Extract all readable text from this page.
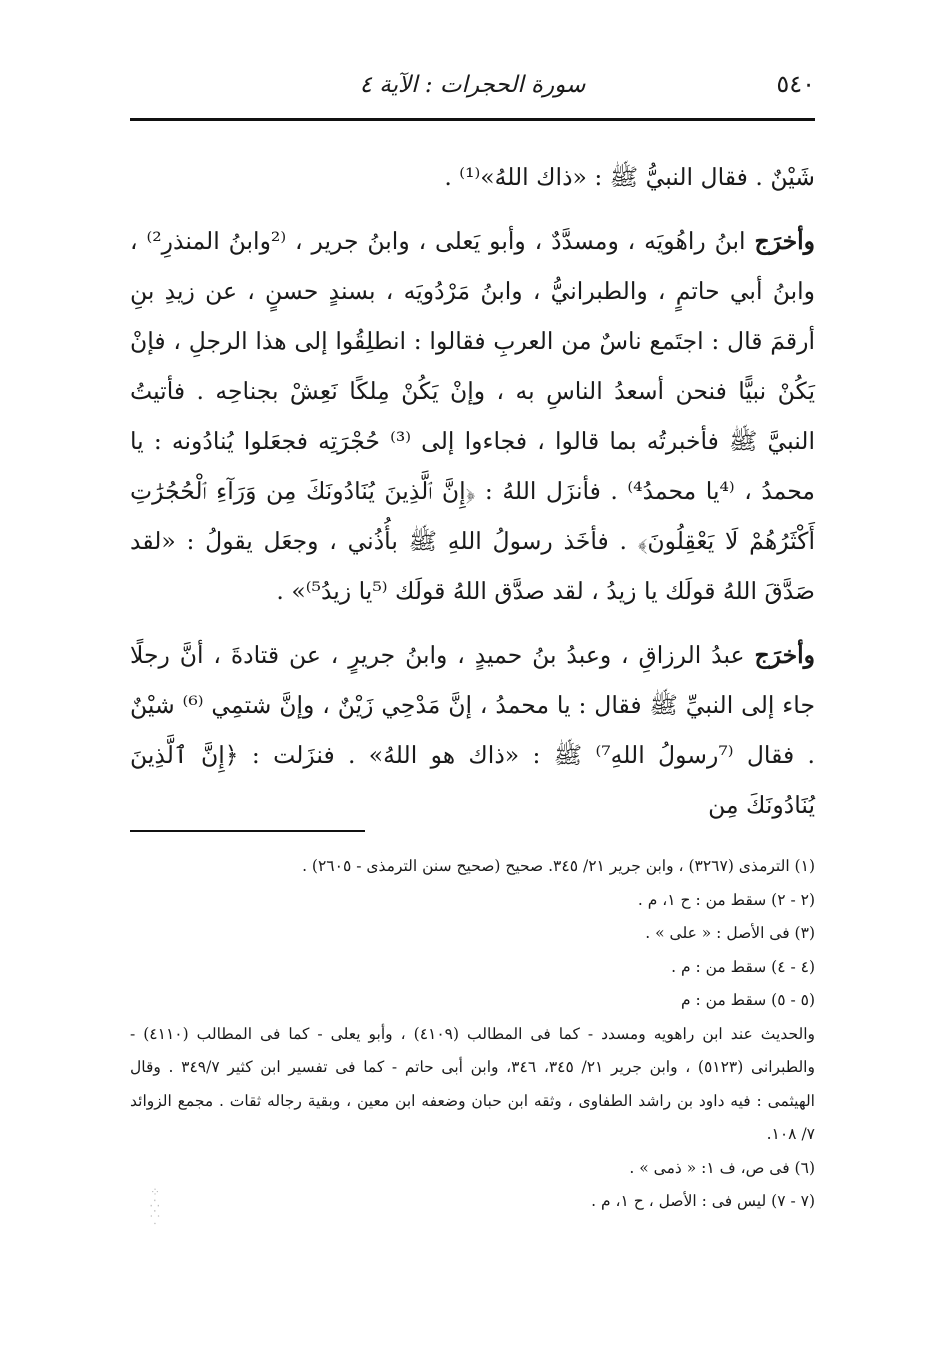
٥٤٠
سورة الحجرات : الآية ٤

شَيْنٌ . فقال النبيُّ ﷺ : «ذاك اللهُ»⁽¹⁾ .

وأخرَج ابنُ راهُويَه ، ومسدَّدٌ ، وأبو يَعلى ، وابنُ جرير ، ⁽²وابنُ المنذرِ²⁾ ، وابنُ أبي حاتمٍ ، والطبرانيُّ ، وابنُ مَرْدُويَه ، بسندٍ حسنٍ ، عن زيدِ بنِ أرقمَ قال : اجتَمع ناسٌ من العربِ فقالوا : انطلِقُوا إلى هذا الرجلِ ، فإنْ يَكُنْ نبيًّا فنحن أسعدُ الناسِ به ، وإنْ يَكُنْ مِلكًا نَعِشْ بجناحِه . فأتيتُ النبيَّ ﷺ فأخبرتُه بما قالوا ، فجاءوا إلى ⁽³⁾ حُجْرَتِه فجعَلوا يُنادُونه : يا محمدُ ، ⁽⁴يا محمدُ⁴⁾ . فأنزَل اللهُ : ﴿إِنَّ ٱلَّذِينَ يُنَادُونَكَ مِن وَرَآءِ ٱلْحُجُرَٰتِ أَكْثَرُهُمْ لَا يَعْقِلُونَ﴾ . فأخَذ رسولُ اللهِ ﷺ بأُذُني ، وجعَل يقولُ : «لقد صَدَّقَ اللهُ قولَك يا زيدُ ، لقد صدَّق اللهُ قولَك ⁽⁵يا زيدُ⁵⁾» .

وأخرَج عبدُ الرزاقِ ، وعبدُ بنُ حميدٍ ، وابنُ جريرٍ ، عن قتادةَ ، أنَّ رجلًا جاء إلى النبيِّ ﷺ فقال : يا محمدُ ، إنَّ مَدْحِي زَيْنٌ ، وإنَّ شتمِي ⁽⁶⁾ شيْنٌ . فقال ⁽⁷رسولُ اللهِ⁷⁾ ﷺ : «ذاك هو اللهُ» . فنزَلت : ﴿إِنَّ ٱلَّذِينَ يُنَادُونَكَ مِن

(١) الترمذى (٣٢٦٧) ، وابن جرير ٢١/ ٣٤٥. صحيح (صحيح سنن الترمذى - ٢٦٠٥) .

(٢ - ٢) سقط من : ح ١، م .

(٣) فى الأصل : « على » .

(٤ - ٤) سقط من : م .

(٥ - ٥) سقط من : م

والحديث عند ابن راهويه ومسدد - كما فى المطالب (٤١٠٩) ، وأبو يعلى - كما فى المطالب (٤١١٠) - والطبرانى (٥١٢٣) ، وابن جرير ٢١/ ٣٤٥، ٣٤٦، وابن أبى حاتم - كما فى تفسير ابن كثير ٣٤٩/٧ . وقال الهيثمى : فيه داود بن راشد الطفاوى ، وثقه ابن حبان وضعفه ابن معين ، وبقية رجاله ثقات . مجمع الزوائد ٧/ ١٠٨.

(٦) فى ص، ف ١: « ذمى » .

(٧ - ٧) ليس فى : الأصل ، ح ١، م .

⁘
⁛
⸪
